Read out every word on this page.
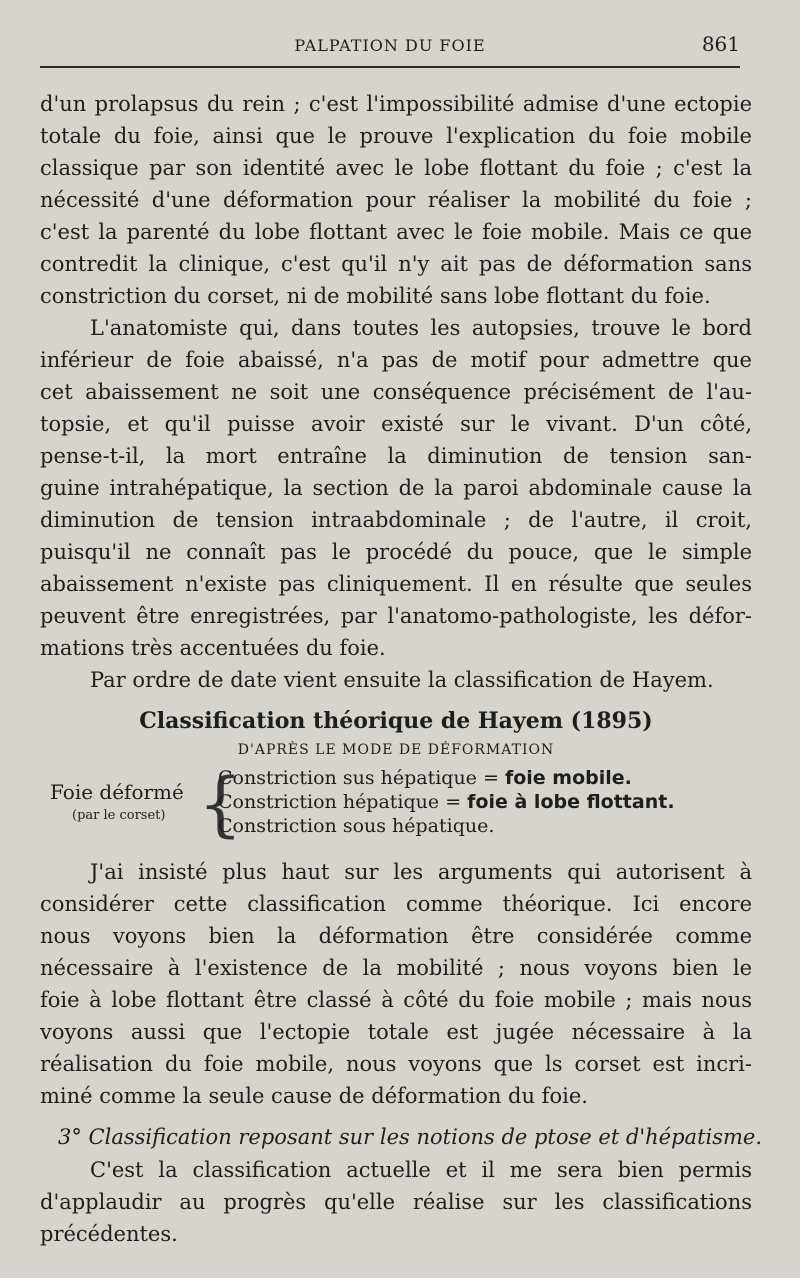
PALPATION DU FOIE	861
d'un prolapsus du rein ; c'est l'impossibilité admise d'une ectopie
totale du foie, ainsi que le prouve l'explication du foie mobile
classique par son identité avec le lobe flottant du foie ; c'est la
nécessité d'une déformation pour réaliser la mobilité du foie ;
c'est la parenté du lobe flottant avec le foie mobile. Mais ce que
contredit la clinique, c'est qu'il n'y ait pas de déformation sans
constriction du corset, ni de mobilité sans lobe flottant du foie.
L'anatomiste qui, dans toutes les autopsies, trouve le bord
inférieur de foie abaissé, n'a pas de motif pour admettre que
cet abaissement ne soit une conséquence précisément de l'au-
topsie, et qu'il puisse avoir existé sur le vivant. D'un côté,
pense-t-il, la mort entraîne la diminution de tension san-
guine intrahépatique, la section de la paroi abdominale cause la
diminution de tension intraabdominale ; de l'autre, il croit,
puisqu'il ne connaît pas le procédé du pouce, que le simple
abaissement n'existe pas cliniquement. Il en résulte que seules
peuvent être enregistrées, par l'anatomo-pathologiste, les défor-
mations très accentuées du foie.
Par ordre de date vient ensuite la classification de Hayem.
Classification théorique de Hayem (1895)
D'APRÈS LE MODE DE DÉFORMATION
Foie déformé
(par le corset) {
Constriction sus hépatique = foie mobile.
Constriction hépatique = foie à lobe flottant.
Constriction sous hépatique.
J'ai insisté plus haut sur les arguments qui autorisent à
considérer cette classification comme théorique. Ici encore
nous voyons bien la déformation être considérée comme
nécessaire à l'existence de la mobilité ; nous voyons bien le
foie à lobe flottant être classé à côté du foie mobile ; mais nous
voyons aussi que l'ectopie totale est jugée nécessaire à la
réalisation du foie mobile, nous voyons que ls corset est incri-
miné comme la seule cause de déformation du foie.
3° Classification reposant sur les notions de ptose et d'hépatisme.
C'est la classification actuelle et il me sera bien permis
d'applaudir au progrès qu'elle réalise sur les classifications
précédentes.
